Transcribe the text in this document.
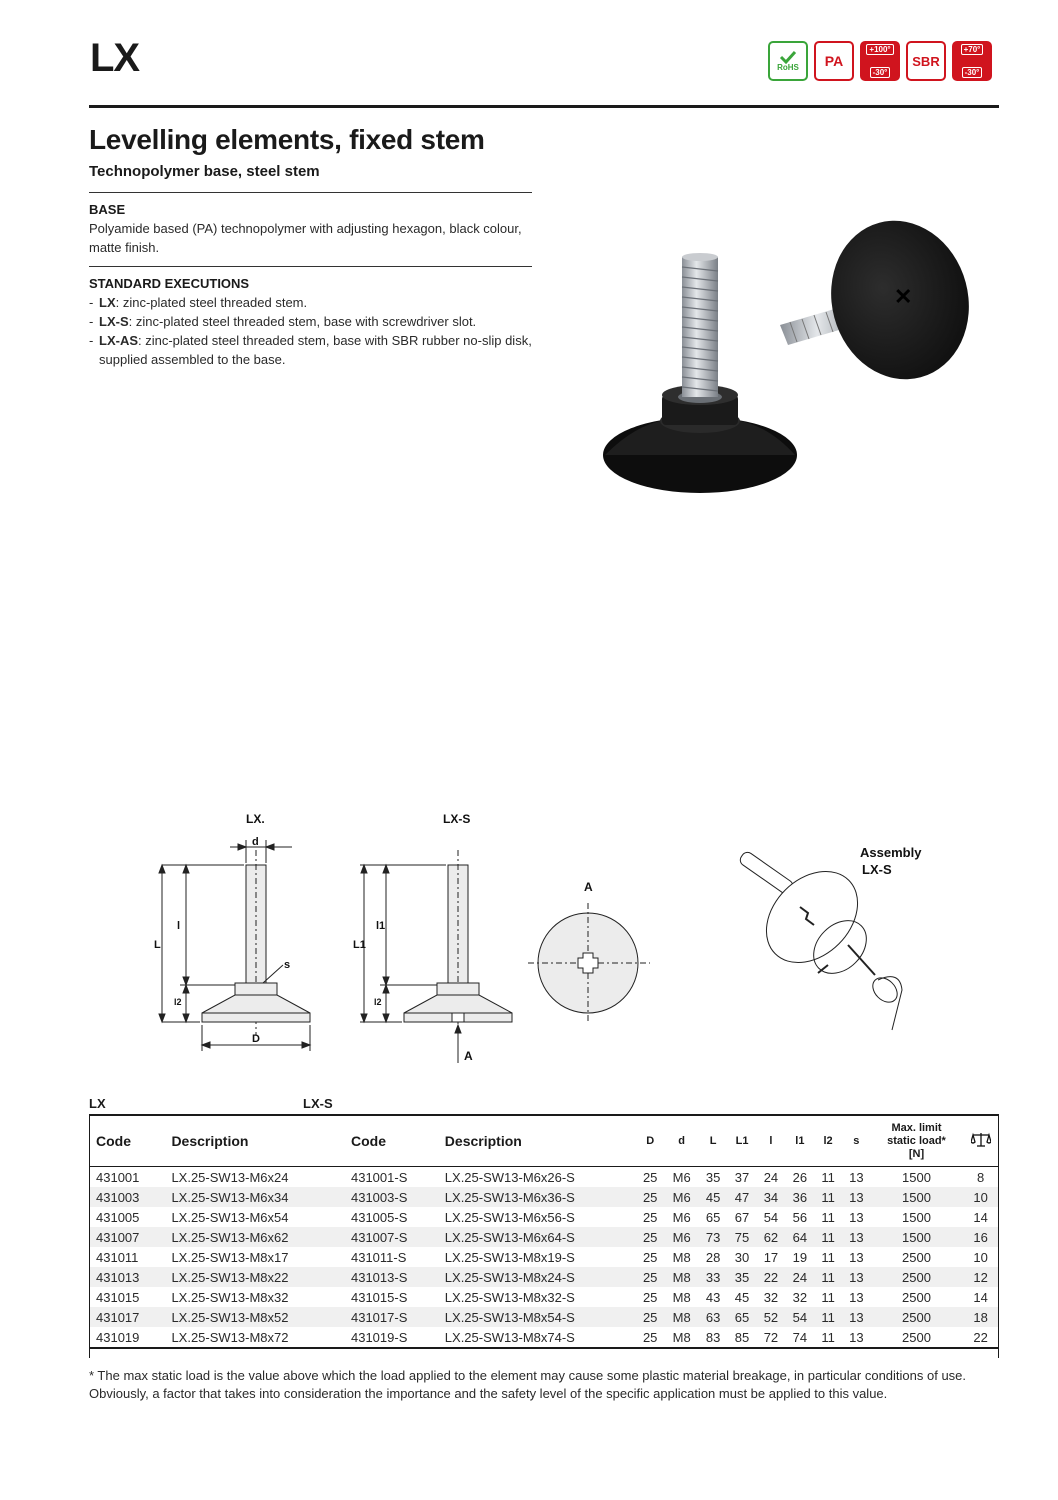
LX	RoHS PA
+100°
-30°
SBR
+70°
-30°
Levelling elements, fixed stem
Technopolymer base, steel stem
BASE
Polyamide based (PA) technopolymer with adjusting hexagon, black colour, matte finish.
STANDARD EXECUTIONS
- LX: zinc-plated steel threaded stem.
- LX-S: zinc-plated steel threaded stem, base with screwdriver slot.
- LX-AS: zinc-plated steel threaded stem, base with SBR rubber no-slip disk, supplied assembled to the base.
✕
LX.	LX-S
d
L
l
s
l2
D
L1
l1
l2
A
A
Assembly
LX-S
LX	LX-S
Code	Description	Code	Description	D	d	L	L1	l	l1	l2	s	Max. limit
static load*
[N]

431001	LX.25-SW13-M6x24	431001-S	LX.25-SW13-M6x26-S	25	M6	35	37	24	26	11	13	1500	8
431003	LX.25-SW13-M6x34	431003-S	LX.25-SW13-M6x36-S	25	M6	45	47	34	36	11	13	1500	10
431005	LX.25-SW13-M6x54	431005-S	LX.25-SW13-M6x56-S	25	M6	65	67	54	56	11	13	1500	14
431007	LX.25-SW13-M6x62	431007-S	LX.25-SW13-M6x64-S	25	M6	73	75	62	64	11	13	1500	16
431011	LX.25-SW13-M8x17	431011-S	LX.25-SW13-M8x19-S	25	M8	28	30	17	19	11	13	2500	10
431013	LX.25-SW13-M8x22	431013-S	LX.25-SW13-M8x24-S	25	M8	33	35	22	24	11	13	2500	12
431015	LX.25-SW13-M8x32	431015-S	LX.25-SW13-M8x32-S	25	M8	43	45	32	32	11	13	2500	14
431017	LX.25-SW13-M8x52	431017-S	LX.25-SW13-M8x54-S	25	M8	63	65	52	54	11	13	2500	18
431019	LX.25-SW13-M8x72	431019-S	LX.25-SW13-M8x74-S	25	M8	83	85	72	74	11	13	2500	22
* The max static load is the value above which the load applied to the element may cause some plastic material breakage, in particular conditions of use. Obviously, a factor that takes into consideration the importance and the safety level of the specific application must be applied to this value.
